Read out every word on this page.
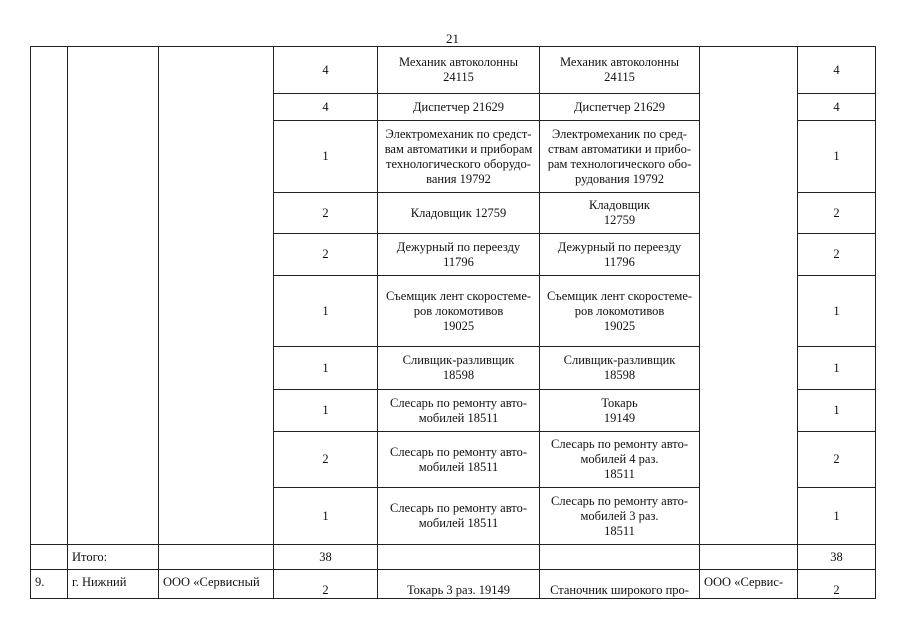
21
			4	Механик автоколонны
24115	Механик автоколонны
24115		4
			4	Диспетчер 21629	Диспетчер 21629		4
			1	Электромеханик по средст-
вам автоматики и приборам
технологического оборудо-
вания 19792	Электромеханик по сред-
ствам автоматики и прибо-
рам технологического обо-
рудования 19792		1
			2	Кладовщик 12759	Кладовщик
12759		2
			2	Дежурный по переезду
11796	Дежурный по переезду
11796		2
			1	Съемщик лент скоростеме-
ров локомотивов
19025	Съемщик лент скоростеме-
ров локомотивов
19025		1
			1	Сливщик-разливщик
18598	Сливщик-разливщик
18598		1
			1	Слесарь по ремонту авто-
мобилей 18511	Токарь
19149		1
			2	Слесарь по ремонту авто-
мобилей 18511	Слесарь по ремонту авто-
мобилей 4 раз.
18511		2
			1	Слесарь по ремонту авто-
мобилей 18511	Слесарь по ремонту авто-
мобилей 3 раз.
18511		1
	Итого:		38				38
9.	г. Нижний	ООО «Сервисный	2	Токарь 3 раз. 19149	Станочник широкого про-	ООО «Сервис-	2
